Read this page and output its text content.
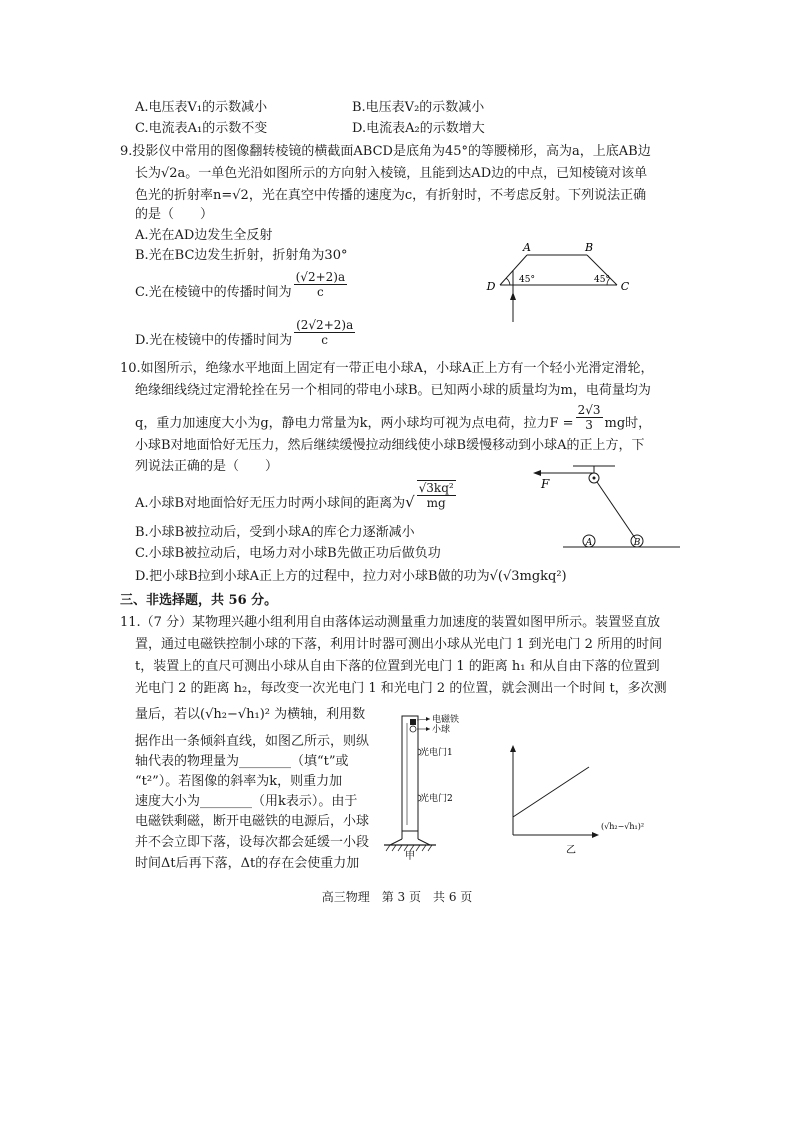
A.电压表V₁的示数减小	B.电压表V₂的示数减小
C.电流表A₁的示数不变	D.电流表A₂的示数增大
9.投影仪中常用的图像翻转棱镜的横截面ABCD是底角为45°的等腰梯形，高为a，上底AB边
长为√2a。一单色光沿如图所示的方向射入棱镜，且能到达AD边的中点，已知棱镜对该单
色光的折射率n=√2，光在真空中传播的速度为c，有折射时，不考虑反射。下列说法正确
的是（　　）
A.光在AD边发生全反射
B.光在BC边发生折射，折射角为30°
C.光在棱镜中的传播时间为 $\frac{(√2+2)a}{c}$
D.光在棱镜中的传播时间为 $\frac{(2√2+2)a}{c}$
A	B
C
D	45°	45°
10.如图所示，绝缘水平地面上固定有一带正电小球A，小球A正上方有一个轻小光滑定滑轮，
绝缘细线绕过定滑轮拴在另一个相同的带电小球B。已知两小球的质量均为m，电荷量均为
q，重力加速度大小为g，静电力常量为k，两小球均可视为点电荷，拉力$F = \frac{2√3}{3}$ mg时，
小球B对地面恰好无压力，然后继续缓慢拉动细线使小球B缓慢移动到小球A的正上方，下
列说法正确的是（　　）
A.小球B对地面恰好无压力时两小球间的距离为√ $\frac{\text{√3kq²}}{mg}$
B.小球B被拉动后，受到小球A的库仑力逐渐减小
C.小球B被拉动后，电场力对小球B先做正功后做负功
D.把小球B拉到小球A正上方的过程中，拉力对小球B做的功为√(√3mgkq²)
F
A	B
三、非选择题，共 56 分。
11.（7 分）某物理兴趣小组利用自由落体运动测量重力加速度的装置如图甲所示。装置竖直放
置，通过电磁铁控制小球的下落，利用计时器可测出小球从光电门 1 到光电门 2 所用的时间
t，装置上的直尺可测出小球从自由下落的位置到光电门 1 的距离 h₁ 和从自由下落的位置到
光电门 2 的距离 h₂，每改变一次光电门 1 和光电门 2 的位置，就会测出一个时间 t，多次测
量后，若以(√h₂−√h₁)² 为横轴，利用数
据作出一条倾斜直线，如图乙所示，则纵
轴代表的物理量为________（填“t”或
“t²”）。若图像的斜率为k，则重力加
速度大小为________（用k表示）。由于
电磁铁剩磁，断开电磁铁的电源后，小球
并不会立即下落，设每次都会延缓一小段
时间Δt后再下落，Δt的存在会使重力加
电磁铁
小球
光电门1
光电门2
甲
(√h₂−√h₁)²
乙
高三物理　第 3 页　共 6 页
